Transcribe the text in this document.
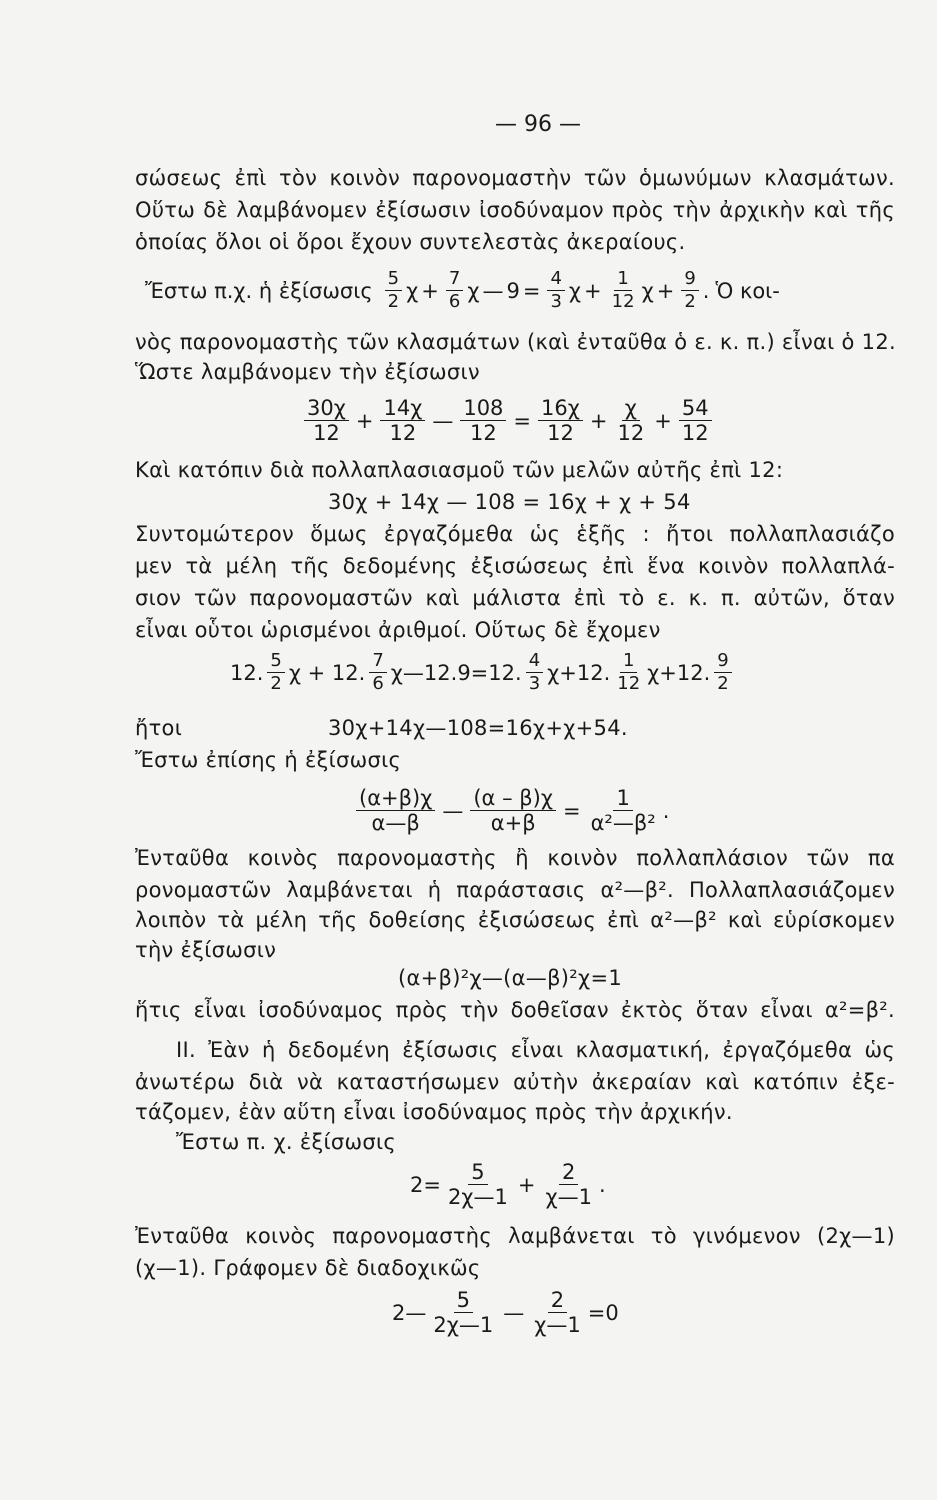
— 96 —
σώσεως ἐπὶ τὸν κοινὸν παρονομαστὴν τῶν ὁμωνύμων κλασμάτων.
Οὕτω δὲ λαμβάνομεν ἐξίσωσιν ἰσοδύναμον πρὸς τὴν ἀρχικὴν καὶ τῆς
ὁποίας ὅλοι οἱ ὅροι ἔχουν συντελεστὰς ἀκεραίους.
Ἔστω π.χ. ἡ ἐξίσωσις $\frac{5}{2}$ $\chi + \frac{7}{6}$ χ — $9 = \frac{4}{3}$ $\chi + \frac{1}{12}$ $\chi + \frac{9}{2}$ . Ὁ κοι-
νὸς παρονομαστὴς τῶν κλασμάτων (καὶ ἐνταῦθα ὁ ε. κ. π.) εἶναι ὁ 12.
Ὥστε λαμβάνομεν τὴν ἐξίσωσιν
$\frac{30\chi}{12} + \frac{14\chi}{12}$ — $\frac{108}{12} = \frac{16\chi}{12} + \frac{\chi}{12} + \frac{54}{12}$
Καὶ κατόπιν διὰ πολλαπλασιασμοῦ τῶν μελῶν αὐτῆς ἐπὶ 12:
30χ + 14χ — 108 = 16χ + χ + 54
Συντομώτερον ὅμως ἐργαζόμεθα ὡς ἑξῆς : ἤτοι πολλαπλασιάζο
μεν τὰ μέλη τῆς δεδομένης ἐξισώσεως ἐπὶ ἕνα κοινὸν πολλαπλά-
σιον τῶν παρονομαστῶν καὶ μάλιστα ἐπὶ τὸ ε. κ. π. αὐτῶν, ὅταν
εἶναι οὗτοι ὡρισμένοι ἀριθμοί. Οὕτως δὲ ἔχομεν
12. $\frac{5}{2}$ χ + 12. $\frac{7}{6}$ χ—12.9=12. $\frac{4}{3} \chi+12$. $\frac{1}{12} \chi+12$. $\frac{9}{2}$
ἤτοι	30χ+14χ—108=16χ+χ+54.
Ἔστω ἐπίσης ἡ ἐξίσωσις
$\frac{(\alpha+\beta)\chi}{\alpha—\beta}$ — $\frac{(\alpha - \beta)\chi}{\alpha+\beta} = \frac{1}{\text{α²—β²}}$ .
Ἐνταῦθα κοινὸς παρονομαστὴς ἢ κοινὸν πολλαπλάσιον τῶν πα
ρονομαστῶν λαμβάνεται ἡ παράστασις α²—β². Πολλαπλασιάζομεν
λοιπὸν τὰ μέλη τῆς δοθείσης ἐξισώσεως ἐπὶ α²—β² καὶ εὑρίσκομεν
τὴν ἐξίσωσιν
(α+β)²χ—(α—β)²χ=1
ἥτις εἶναι ἰσοδύναμος πρὸς τὴν δοθεῖσαν ἐκτὸς ὅταν εἶναι α²=β².
II. Ἐὰν ἡ δεδομένη ἐξίσωσις εἶναι κλασματική, ἐργαζόμεθα ὡς
ἀνωτέρω διὰ νὰ καταστήσωμεν αὐτὴν ἀκεραίαν καὶ κατόπιν ἐξε-
τάζομεν, ἐὰν αὕτη εἶναι ἰσοδύναμος πρὸς τὴν ἀρχικήν.
Ἔστω π. χ. ἐξίσωσις
$2= \frac{5}{2\chi—1} + \frac{2}{\chi—1}$ .
Ἐνταῦθα κοινὸς παρονομαστὴς λαμβάνεται τὸ γινόμενον (2χ—1)
(χ—1). Γράφομεν δὲ διαδοχικῶς
2— $\frac{5}{2\chi—1}$ — $\frac{2}{\chi—1} =0$
